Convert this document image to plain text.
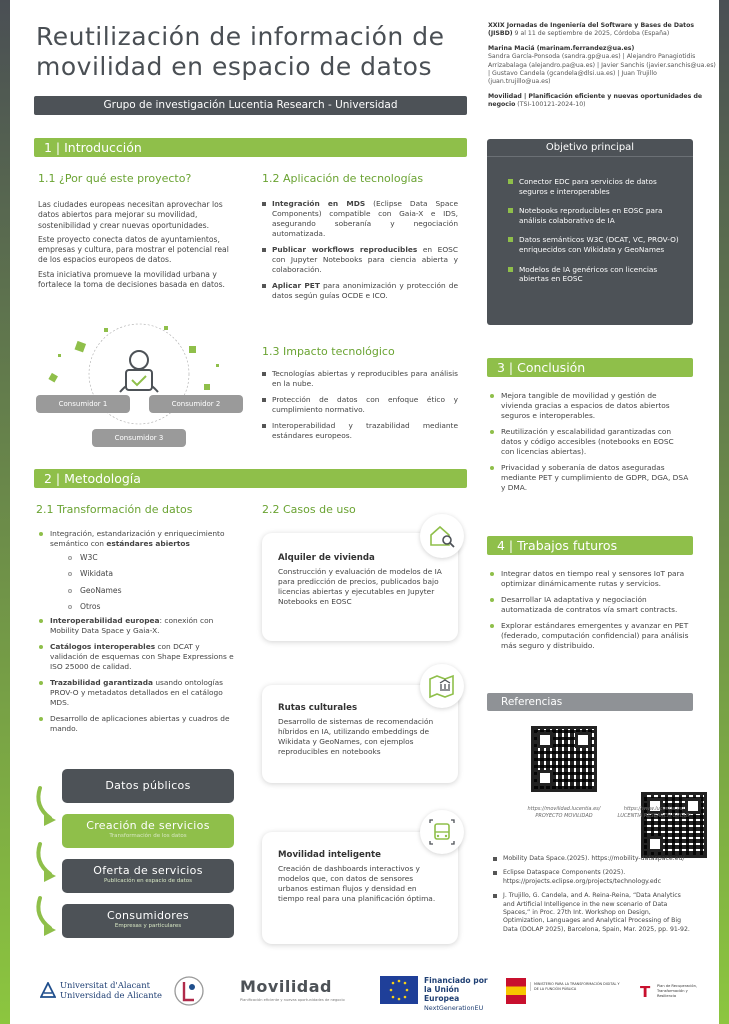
Reutilización de información de movilidad en espacio de datos
Grupo de investigación Lucentia Research - Universidad
XXIX Jornadas de Ingeniería del Software y Bases de Datos (JISBD) 9 al 11 de septiembre de 2025, Córdoba (España)
Marina Maciá (marinam.ferrandez@ua.es)
Sandra García-Ponsoda (sandra.gp@ua.es) | Alejandro Panagiotidis Arrizabalaga (alejandro.pa@ua.es) | Javier Sanchis (javier.sanchis@ua.es) | Gustavo Candela (gcandela@dlsi.ua.es) | Juan Trujillo (juan.trujillo@ua.es)
Movilidad | Planificación eficiente y nuevas oportunidades de negocio (TSI-100121-2024-10)
1 | Introducción
1.1 ¿Por qué este proyecto?

Las ciudades europeas necesitan aprovechar los datos abiertos para mejorar su movilidad, sostenibilidad y crear nuevas oportunidades.

Este proyecto conecta datos de ayuntamientos, empresas y cultura, para mostrar el potencial real de los espacios europeos de datos.

Esta iniciativa promueve la movilidad urbana y fortalece la toma de decisiones basada en datos.

Consumidor 1	Consumidor 2
Consumidor 3
1.2 Aplicación de tecnologías
Integración en MDS (Eclipse Data Space Components) compatible con Gaia-X e IDS, asegurando soberanía y negociación automatizada.
Publicar workflows reproducibles en EOSC con Jupyter Notebooks para ciencia abierta y colaboración.
Aplicar PET para anonimización y protección de datos según guías OCDE e ICO.
1.3 Impacto tecnológico
Tecnologías abiertas y reproducibles para análisis en la nube.
Protección de datos con enfoque ético y cumplimiento normativo.
Interoperabilidad y trazabilidad mediante estándares europeos.
Objetivo principal
Conector EDC para servicios de datos seguros e interoperables
Notebooks reproducibles en EOSC para análisis colaborativo de IA
Datos semánticos W3C (DCAT, VC, PROV-O) enriquecidos con Wikidata y GeoNames
Modelos de IA genéricos con licencias abiertas en EOSC
3 | Conclusión
Mejora tangible de movilidad y gestión de vivienda gracias a espacios de datos abiertos seguros e interoperables.
Reutilización y escalabilidad garantizadas con datos y código accesibles (notebooks en EOSC con licencias abiertas).
Privacidad y soberanía de datos aseguradas mediante PET y cumplimiento de GDPR, DGA, DSA y DMA.
4 | Trabajos futuros
Integrar datos en tiempo real y sensores IoT para optimizar dinámicamente rutas y servicios.
Desarrollar IA adaptativa y negociación automatizada de contratos vía smart contracts.
Explorar estándares emergentes y avanzar en PET (federado, computación confidencial) para análisis más seguro y distribuido.
2 | Metodología
2.1 Transformación de datos
Integración, estandarización y enriquecimiento semántico con estándares abiertos
W3C
Wikidata
GeoNames
Otros
Interoperabilidad europea: conexión con Mobility Data Space y Gaia-X.
Catálogos interoperables con DCAT y validación de esquemas con Shape Expressions e ISO 25000 de calidad.
Trazabilidad garantizada usando ontologías PROV-O y metadatos detallados en el catálogo MDS.
Desarrollo de aplicaciones abiertas y cuadros de mando.
Datos públicos
Creación de servicios
Transformación de los datos
Oferta de servicios
Publicación en espacio de datos
Consumidores
Empresas y particulares
2.2 Casos de uso
Alquiler de vivienda

Construcción y evaluación de modelos de IA para predicción de precios, publicados bajo licencias abiertas y ejecutables en Jupyter Notebooks en EOSC

Rutas culturales

Desarrollo de sistemas de recomendación híbridos en IA, utilizando embeddings de Wikidata y GeoNames, con ejemplos reproducibles en notebooks

Movilidad inteligente

Creación de dashboards interactivos y modelos que, con datos de sensores urbanos estiman flujos y densidad en tiempo real para una planificación óptima.

Referencias
https://movilidad.lucentia.es/
PROYECTO MOVILIDAD
https://www.lucentia.es/
LUCENTIA RESEARCH GROUP
Mobility Data Space.(2025). https://mobility-dataspace.eu/
Eclipse Dataspace Components (2025). https://projects.eclipse.org/projects/technology.edc
J. Trujillo, G. Candela, and A. Reina-Reina, “Data Analytics and Artificial Intelligence in the new scenario of Data Spaces,” in Proc. 27th Int. Workshop on Design, Optimization, Languages and Analytical Processing of Big Data (DOLAP 2025), Barcelona, Spain, Mar. 2025, pp. 91-92.
Universitat d'Alacant
Universidad de Alicante	Movilidad
Planificación eficiente y nuevas oportunidades de negocio
Financiado por
la Unión Europea
NextGenerationEU
MINISTERIO PARA LA TRANSFORMACIÓN DIGITAL Y DE LA FUNCIÓN PÚBLICA	T Plan de Recuperación, Transformación y Resiliencia
